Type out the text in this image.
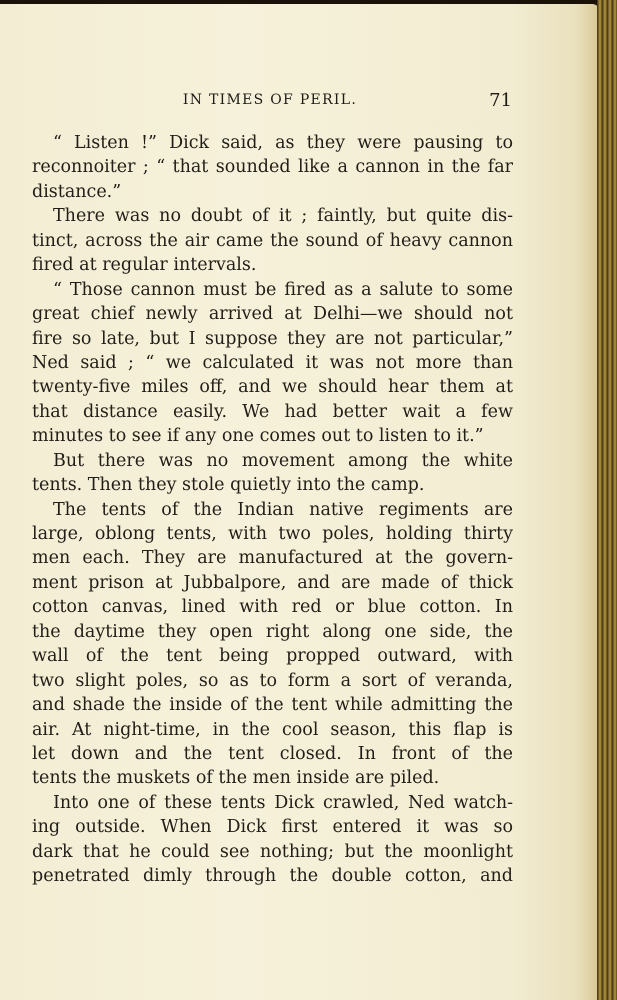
IN TIMES OF PERIL.	71
“ Listen !” Dick said, as they were pausing to
reconnoiter ; “ that sounded like a cannon in the far
distance.”
There was no doubt of it ; faintly, but quite dis-
tinct, across the air came the sound of heavy cannon
fired at regular intervals.
“ Those cannon must be fired as a salute to some
great chief newly arrived at Delhi—we should not
fire so late, but I suppose they are not particular,”
Ned said ; “ we calculated it was not more than
twenty-five miles off, and we should hear them at
that distance easily. We had better wait a few
minutes to see if any one comes out to listen to it.”
But there was no movement among the white
tents. Then they stole quietly into the camp.
The tents of the Indian native regiments are
large, oblong tents, with two poles, holding thirty
men each. They are manufactured at the govern-
ment prison at Jubbalpore, and are made of thick
cotton canvas, lined with red or blue cotton. In
the daytime they open right along one side, the
wall of the tent being propped outward, with
two slight poles, so as to form a sort of veranda,
and shade the inside of the tent while admitting the
air. At night-time, in the cool season, this flap is
let down and the tent closed. In front of the
tents the muskets of the men inside are piled.
Into one of these tents Dick crawled, Ned watch-
ing outside. When Dick first entered it was so
dark that he could see nothing; but the moonlight
penetrated dimly through the double cotton, and
